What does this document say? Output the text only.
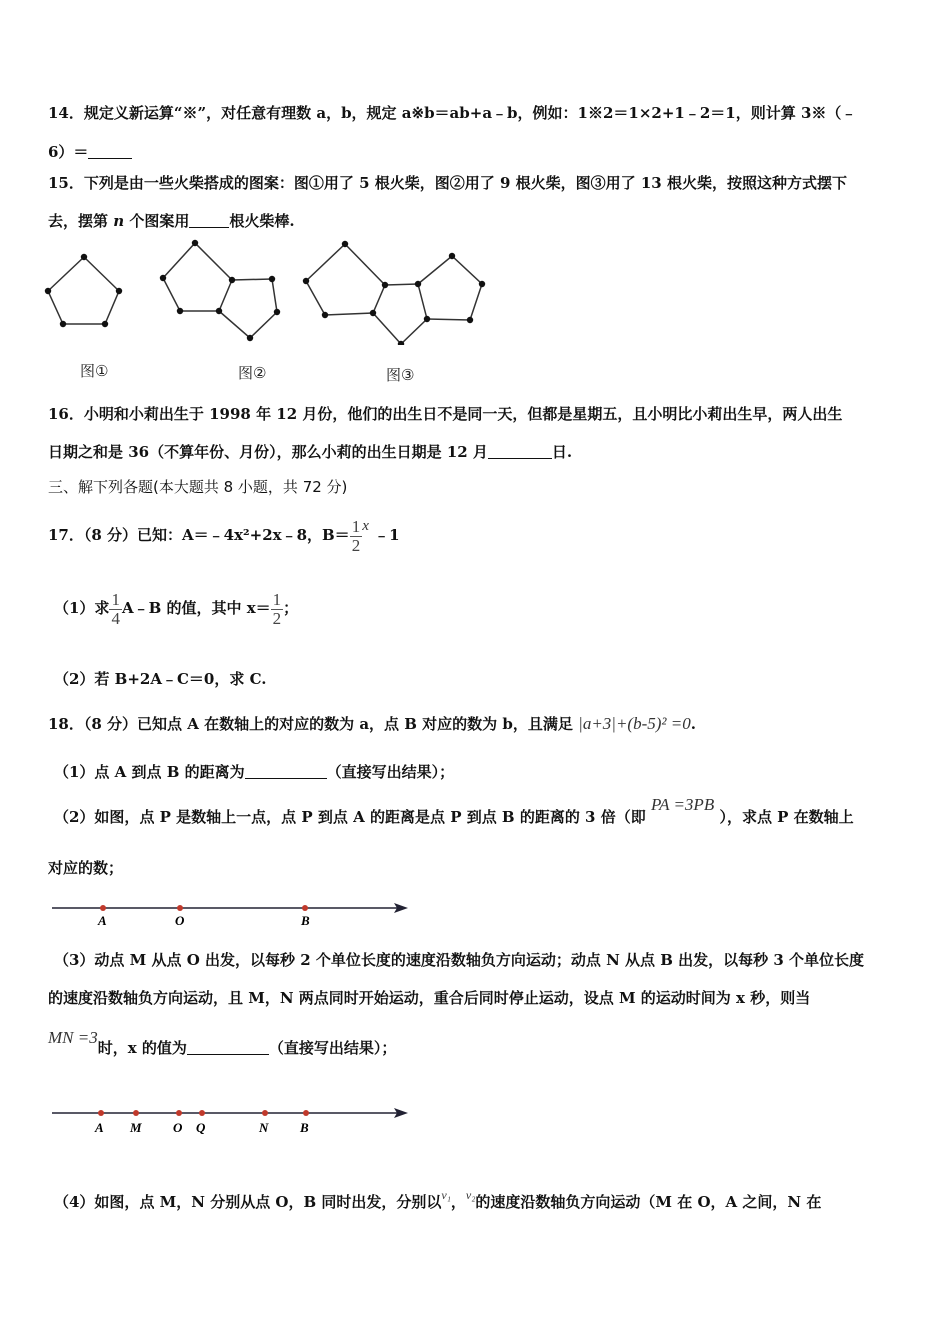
14．规定义新运算“※”，对任意有理数 a，b，规定 a※b＝ab+a﹣b，例如：1※2＝1×2+1﹣2＝1，则计算 3※（﹣
6）＝
15．下列是由一些火柴搭成的图案：图①用了 5 根火柴，图②用了 9 根火柴，图③用了 13 根火柴，按照这种方式摆下
去，摆第 n 个图案用	根火柴棒.
图①	图②	图③
16．小明和小莉出生于 1998 年 12 月份，他们的出生日不是同一天，但都是星期五，且小明比小莉出生早，两人出生
日期之和是 36（不算年份、月份），那么小莉的出生日期是 12 月	日.
三、解下列各题(本大题共 8 小题，共 72 分)
17．（8 分）已知：A＝﹣4x²+2x﹣8，$B= \frac{1}{2}$ x ﹣1
（1）求 $\frac{1}{4}$ A﹣B 的值，其中 $x= \frac{1}{2}$ ；
（2）若 B+2A﹣C＝0，求 C.
18．（8 分）已知点 A 在数轴上的对应的数为 a，点 B 对应的数为 b，且满足 |a+3|+(b-5)² =0.
（1）点 A 到点 B 的距离为	（直接写出结果）；
（2）如图，点 P 是数轴上一点，点 P 到点 A 的距离是点 P 到点 B 的距离的 3 倍（即 PA =3PB ），求点 P 在数轴上
对应的数；
A	O	B
（3）动点 M 从点 O 出发，以每秒 2 个单位长度的速度沿数轴负方向运动；动点 N 从点 B 出发，以每秒 3 个单位长度
的速度沿数轴负方向运动，且 M，N 两点同时开始运动，重合后同时停止运动，设点 M 的运动时间为 x 秒，则当
MN =3时，x 的值为	（直接写出结果）；
A M O Q	N B
（4）如图，点 M，N 分别从点 O，B 同时出发，分别以$^{v_1}$，$^{v_2}$的速度沿数轴负方向运动（M 在 O，A 之间，N 在
